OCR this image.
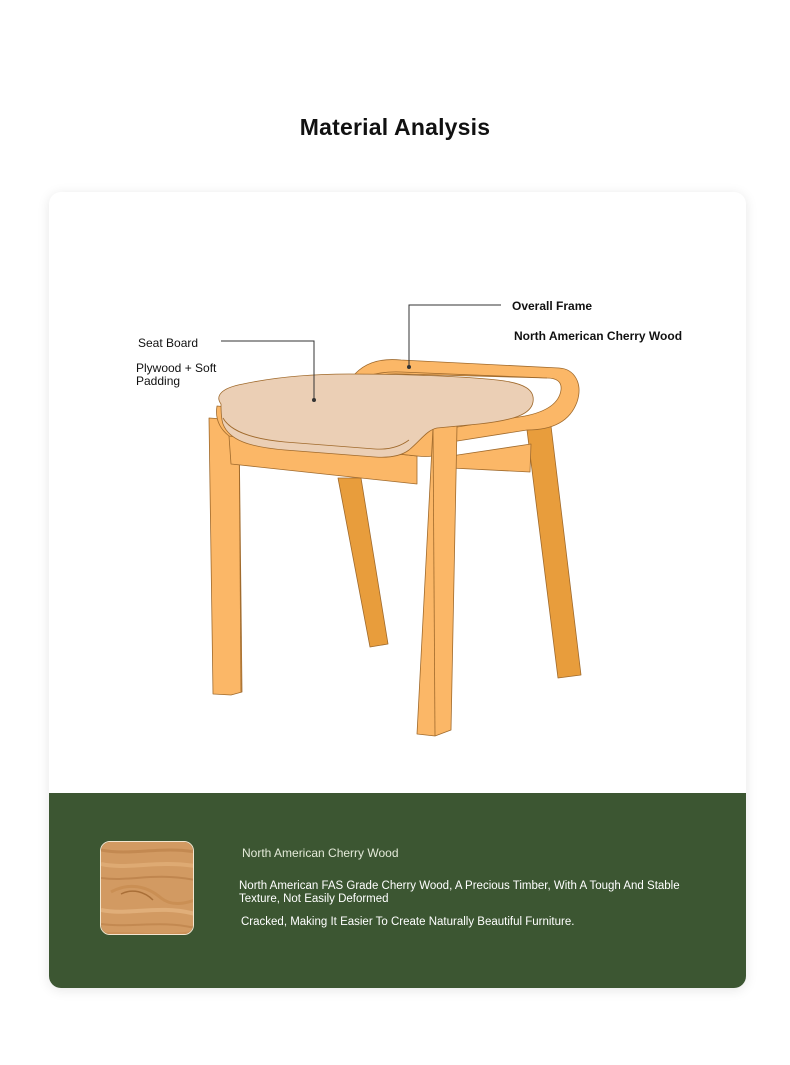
Material Analysis
Overall Frame
North American Cherry Wood
Seat Board
Plywood + Soft Padding
North American Cherry Wood
North American FAS Grade Cherry Wood, A Precious Timber, With A Tough And Stable Texture, Not Easily Deformed
Cracked, Making It Easier To Create Naturally Beautiful Furniture.
